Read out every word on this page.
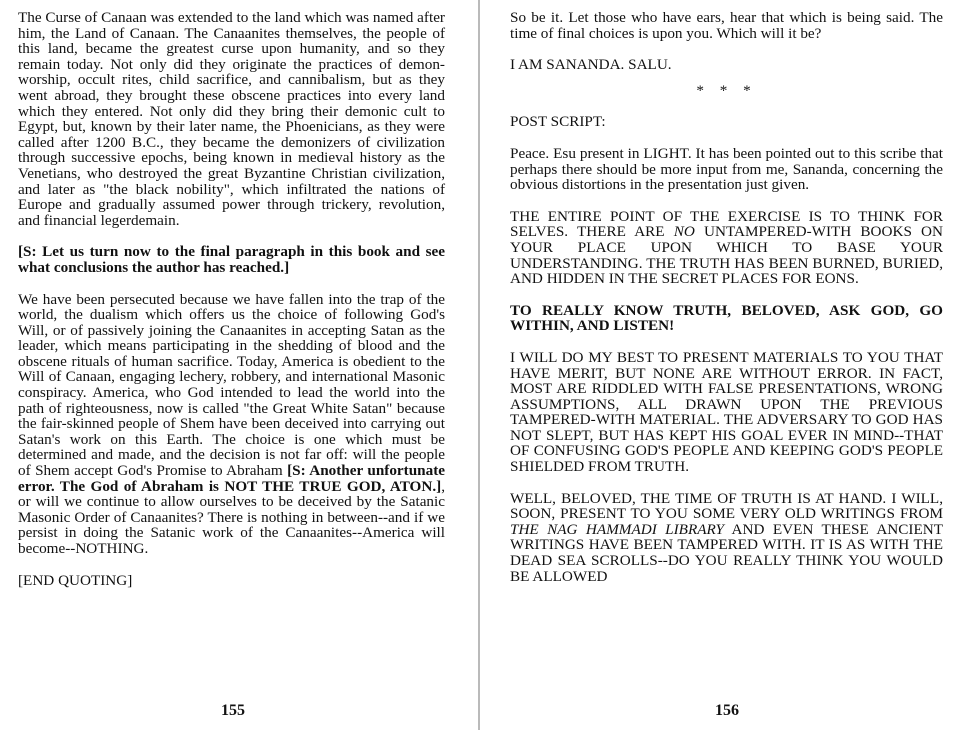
The Curse of Canaan was extended to the land which was named after him, the Land of Canaan. The Canaanites themselves, the people of this land, became the greatest curse upon humanity, and so they remain today. Not only did they originate the practices of demon-worship, occult rites, child sacrifice, and cannibalism, but as they went abroad, they brought these obscene practices into every land which they entered. Not only did they bring their demonic cult to Egypt, but, known by their later name, the Phoenicians, as they were called after 1200 B.C., they became the demonizers of civilization through successive epochs, being known in medieval history as the Venetians, who destroyed the great Byzantine Christian civilization, and later as "the black nobility", which infiltrated the nations of Europe and gradually assumed power through trickery, revolution, and financial legerdemain.

[S: Let us turn now to the final paragraph in this book and see what conclusions the author has reached.]

We have been persecuted because we have fallen into the trap of the world, the dualism which offers us the choice of following God's Will, or of passively joining the Canaanites in accepting Satan as the leader, which means participating in the shedding of blood and the obscene rituals of human sacrifice. Today, America is obedient to the Will of Canaan, engaging lechery, robbery, and international Masonic conspiracy. America, who God intended to lead the world into the path of righteousness, now is called "the Great White Satan" because the fair-skinned people of Shem have been deceived into carrying out Satan's work on this Earth. The choice is one which must be determined and made, and the decision is not far off: will the people of Shem accept God's Promise to Abraham [S: Another unfortunate error. The God of Abraham is NOT THE TRUE GOD, ATON.], or will we continue to allow ourselves to be deceived by the Satanic Masonic Order of Canaanites? There is nothing in between--and if we persist in doing the Satanic work of the Canaanites--America will become--NOTHING.

[END QUOTING]

155

So be it. Let those who have ears, hear that which is being said. The time of final choices is upon you. Which will it be?

I AM SANANDA. SALU.

* * *

POST SCRIPT:

Peace. Esu present in LIGHT. It has been pointed out to this scribe that perhaps there should be more input from me, Sananda, concerning the obvious distortions in the presentation just given.

THE ENTIRE POINT OF THE EXERCISE IS TO THINK FOR SELVES. THERE ARE NO UNTAMPERED-WITH BOOKS ON YOUR PLACE UPON WHICH TO BASE YOUR UNDERSTANDING. THE TRUTH HAS BEEN BURNED, BURIED, AND HIDDEN IN THE SECRET PLACES FOR EONS.

TO REALLY KNOW TRUTH, BELOVED, ASK GOD, GO WITHIN, AND LISTEN!

I WILL DO MY BEST TO PRESENT MATERIALS TO YOU THAT HAVE MERIT, BUT NONE ARE WITHOUT ERROR. IN FACT, MOST ARE RIDDLED WITH FALSE PRESENTATIONS, WRONG ASSUMPTIONS, ALL DRAWN UPON THE PREVIOUS TAMPERED-WITH MATERIAL. THE ADVERSARY TO GOD HAS NOT SLEPT, BUT HAS KEPT HIS GOAL EVER IN MIND--THAT OF CONFUSING GOD'S PEOPLE AND KEEPING GOD'S PEOPLE SHIELDED FROM TRUTH.

WELL, BELOVED, THE TIME OF TRUTH IS AT HAND. I WILL, SOON, PRESENT TO YOU SOME VERY OLD WRITINGS FROM THE NAG HAMMADI LIBRARY AND EVEN THESE ANCIENT WRITINGS HAVE BEEN TAMPERED WITH. IT IS AS WITH THE DEAD SEA SCROLLS--DO YOU REALLY THINK YOU WOULD BE ALLOWED

156
